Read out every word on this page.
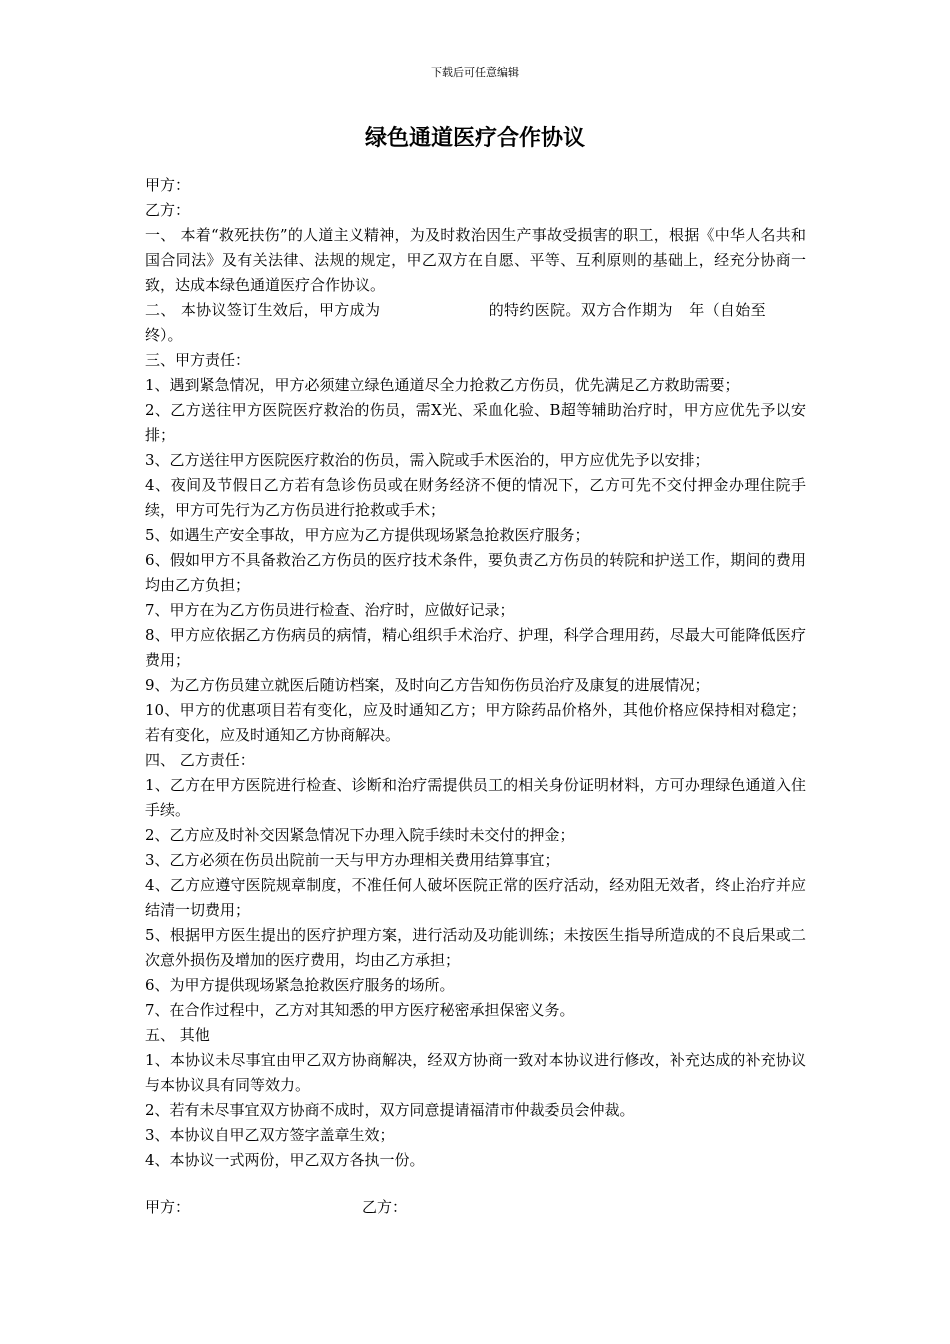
下载后可任意编辑
绿色通道医疗合作协议

甲方：

乙方：

一、 本着“救死扶伤”的人道主义精神，为及时救治因生产事故受损害的职工，根据《中华人名共和国合同法》及有关法律、法规的规定，甲乙双方在自愿、平等、互利原则的基础上，经充分协商一致，达成本绿色通道医疗合作协议。

二、 本协议签订生效后，甲方成为	的特约医院。双方合作期为 年（自始至终）。

三、甲方责任：

1、遇到紧急情况，甲方必须建立绿色通道尽全力抢救乙方伤员，优先满足乙方救助需要；

2、乙方送往甲方医院医疗救治的伤员，需X光、采血化验、B超等辅助治疗时，甲方应优先予以安排；

3、乙方送往甲方医院医疗救治的伤员，需入院或手术医治的，甲方应优先予以安排；

4、夜间及节假日乙方若有急诊伤员或在财务经济不便的情况下，乙方可先不交付押金办理住院手续，甲方可先行为乙方伤员进行抢救或手术；

5、如遇生产安全事故，甲方应为乙方提供现场紧急抢救医疗服务；

6、假如甲方不具备救治乙方伤员的医疗技术条件，要负责乙方伤员的转院和护送工作，期间的费用均由乙方负担；

7、甲方在为乙方伤员进行检查、治疗时，应做好记录；

8、甲方应依据乙方伤病员的病情，精心组织手术治疗、护理，科学合理用药，尽最大可能降低医疗费用；

9、为乙方伤员建立就医后随访档案，及时向乙方告知伤伤员治疗及康复的进展情况；

10、甲方的优惠项目若有变化，应及时通知乙方；甲方除药品价格外，其他价格应保持相对稳定；若有变化，应及时通知乙方协商解决。

四、 乙方责任：

1、乙方在甲方医院进行检查、诊断和治疗需提供员工的相关身份证明材料，方可办理绿色通道入住手续。

2、乙方应及时补交因紧急情况下办理入院手续时未交付的押金；

3、乙方必须在伤员出院前一天与甲方办理相关费用结算事宜；

4、乙方应遵守医院规章制度，不准任何人破坏医院正常的医疗活动，经劝阻无效者，终止治疗并应结清一切费用；

5、根据甲方医生提出的医疗护理方案，进行活动及功能训练；未按医生指导所造成的不良后果或二次意外损伤及增加的医疗费用，均由乙方承担；

6、为甲方提供现场紧急抢救医疗服务的场所。

7、在合作过程中，乙方对其知悉的甲方医疗秘密承担保密义务。

五、 其他

1、本协议未尽事宜由甲乙双方协商解决，经双方协商一致对本协议进行修改，补充达成的补充协议与本协议具有同等效力。

2、若有未尽事宜双方协商不成时，双方同意提请福清市仲裁委员会仲裁。

3、本协议自甲乙双方签字盖章生效；

4、本协议一式两份，甲乙双方各执一份。

甲方：	乙方：
